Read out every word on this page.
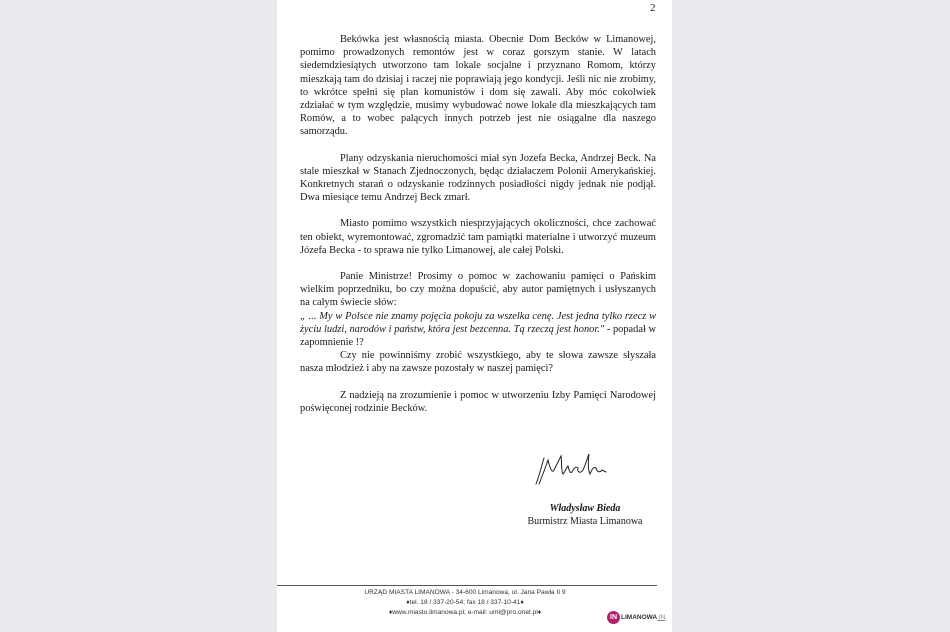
2

Bekówka jest własnością miasta. Obecnie Dom Becków w Limanowej, pomimo prowadzonych remontów jest w coraz gorszym stanie. W latach siedemdziesiątych utworzono tam lokale socjalne i przyznano Romom, którzy mieszkają tam do dzisiaj i raczej nie poprawiają jego kondycji. Jeśli nic nie zrobimy, to wkrótce spełni się plan komunistów i dom się zawali. Aby móc cokolwiek zdziałać w tym względzie, musimy wybudować nowe lokale dla mieszkających tam Romów, a to wobec palących innych potrzeb jest nie osiągalne dla naszego samorządu.

Plany odzyskania nieruchomości miał syn Jozefa Becka, Andrzej Beck. Na stale mieszkał w Stanach Zjednoczonych, będąc działaczem Polonii Amerykańskiej. Konkretnych starań o odzyskanie rodzinnych posiadłości nigdy jednak nie podjął. Dwa miesiące temu Andrzej Beck zmarł.

Miasto pomimo wszystkich niesprzyjających okoliczności, chce zachować ten obiekt, wyremontować, zgromadzić tam pamiątki materialne i utworzyć muzeum Józefa Becka - to sprawa nie tylko Limanowej, ale całej Polski.

Panie Ministrze! Prosimy o pomoc w zachowaniu pamięci o Pańskim wielkim poprzedniku, bo czy można dopuścić, aby autor pamiętnych i usłyszanych na całym świecie słów:

„ ... My w Polsce nie znamy pojęcia pokoju za wszelka cenę. Jest jedna tylko rzecz w życiu ludzi, narodów i państw, która jest bezcenna. Tą rzeczą jest honor." - popadał w zapomnienie !?

Czy nie powinniśmy zrobić wszystkiego, aby te słowa zawsze słyszała nasza młodzież i aby na zawsze pozostały w naszej pamięci?

Z nadzieją na zrozumienie i pomoc w utworzeniu Izby Pamięci Narodowej poświęconej rodzinie Becków.

Władysław Bieda
Burmistrz Miasta Limanowa
URZĄD MIASTA LIMANOWA - 34-600 Limanowa, ul. Jana Pawła II 9
♦tel. 18 / 337-20-54; fax 18 / 337-10-41♦
♦www.miasto.limanowa.pl; e-mail: uml@pro.onet.pl♦
IN LIMANOWA.IN
